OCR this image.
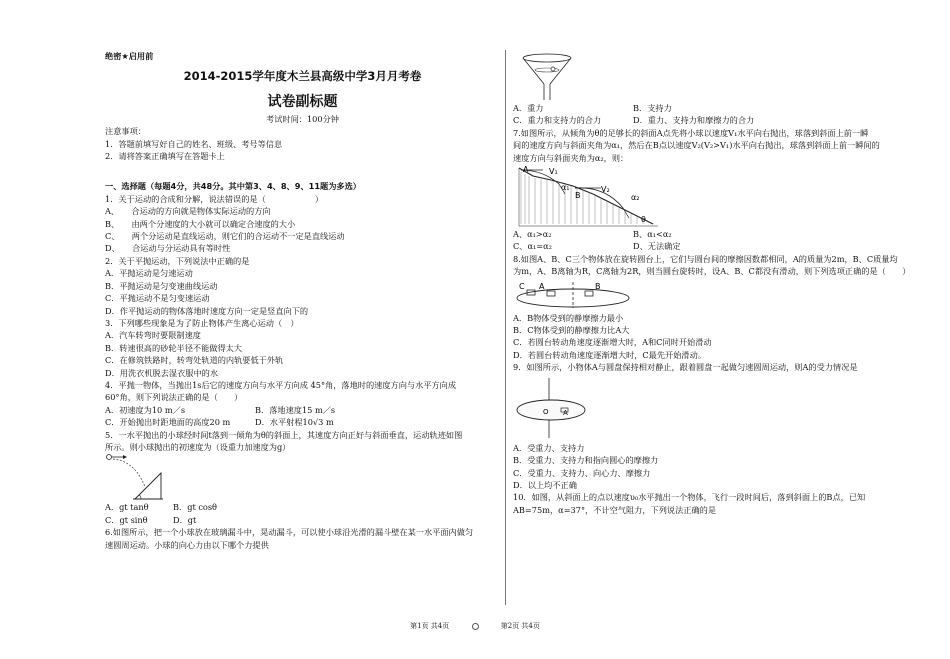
绝密★启用前

2014-2015学年度木兰县高级中学3月月考卷

试卷副标题

考试时间：100分钟

注意事项：

1．答题前填写好自己的姓名、班级、考号等信息

2．请将答案正确填写在答题卡上

一、选择题（每题4分，共48分。其中第3、4、8、9、11题为多选）

1．关于运动的合成和分解，说法错误的是（　　　　　　）

A、　　合运动的方向就是物体实际运动的方向

B、　　由两个分速度的大小就可以确定合速度的大小

C、　　两个分运动是直线运动，则它们的合运动不一定是直线运动

D、　　合运动与分运动具有等时性

2．关于平抛运动，下列说法中正确的是

A．平抛运动是匀速运动

B．平抛运动是匀变速曲线运动

C．平抛运动不是匀变速运动

D．作平抛运动的物体落地时速度方向一定是竖直向下的

3．下列哪些现象是为了防止物体产生离心运动（　）

A．汽车转弯时要限制速度

B．转速很高的砂轮半径不能做得太大

C．在修筑铁路时，转弯处轨道的内轨要低于外轨

D．用洗衣机脱去湿衣服中的水

4．平抛一物体，当抛出1s后它的速度方向与水平方向成 45°角，落地时的速度方向与水平方向成

60°角，则下列说法正确的是（　　）

A．初速度为10 m／s	B．落地速度15 m／s
C．开始抛出时距地面的高度20 m	D．水平射程10√3 m

5．一水平抛出的小球经时间t落到一倾角为θ的斜面上，其速度方向正好与斜面垂直，运动轨迹如图

所示。则小球抛出的初速度为（设重力加速度为g）

A．gt tanθ	B．gt cosθ
C．gt sinθ	D．gt

6.如图所示，把一个小球放在玻璃漏斗中，晃动漏斗，可以使小球沿光滑的漏斗壁在某一水平面内做匀

速圆周运动。小球的向心力由以下哪个力提供

A．重力	B．支持力
C．重力和支持力的合力	D．重力、支持力和摩擦力的合力

7.如图所示，从倾角为θ的足够长的斜面A点先将小球以速度V₁水平向右抛出，球落到斜面上前一瞬

间的速度方向与斜面夹角为α₁，然后在B点以速度V₂(V₂>V₁)水平向右抛出，球落到斜面上前一瞬间的

速度方向与斜面夹角为α₂，则：

A	V₁
B
V₂
α₁
α₂
θ
A、α₁>α₂	B、α₁<α₂
C、α₁=α₂	D、无法确定

8.如图A、B、C三个物体放在旋转圆台上，它们与圆台间的摩擦因数都相同，A的质量为2m，B、C质量均

为m，A、B离轴为R，C离轴为2R，则当圆台旋转时，设A、B、C都没有滑动，则下列选项正确的是（　　）

C A	B

A．B物体受到的静摩擦力最小

B．C物体受到的静摩擦力比A大

C．若圆台转动角速度逐渐增大时，A和C同时开始滑动

D．若圆台转动角速度逐渐增大时，C最先开始滑动。

9．如图所示，小物体A与圆盘保持相对静止，跟着圆盘一起做匀速圆周运动，则A的受力情况是

O A

A．受重力、支持力

B．受重力、支持力和指向圆心的摩擦力

C．受重力、支持力、向心力、摩擦力

D．以上均不正确

10．如图，从斜面上的点以速度υ₀水平抛出一个物体，飞行一段时间后，落到斜面上的B点，已知

AB=75m，α=37°，不计空气阻力，下列说法正确的是

第1页 共4页	第2页 共4页
